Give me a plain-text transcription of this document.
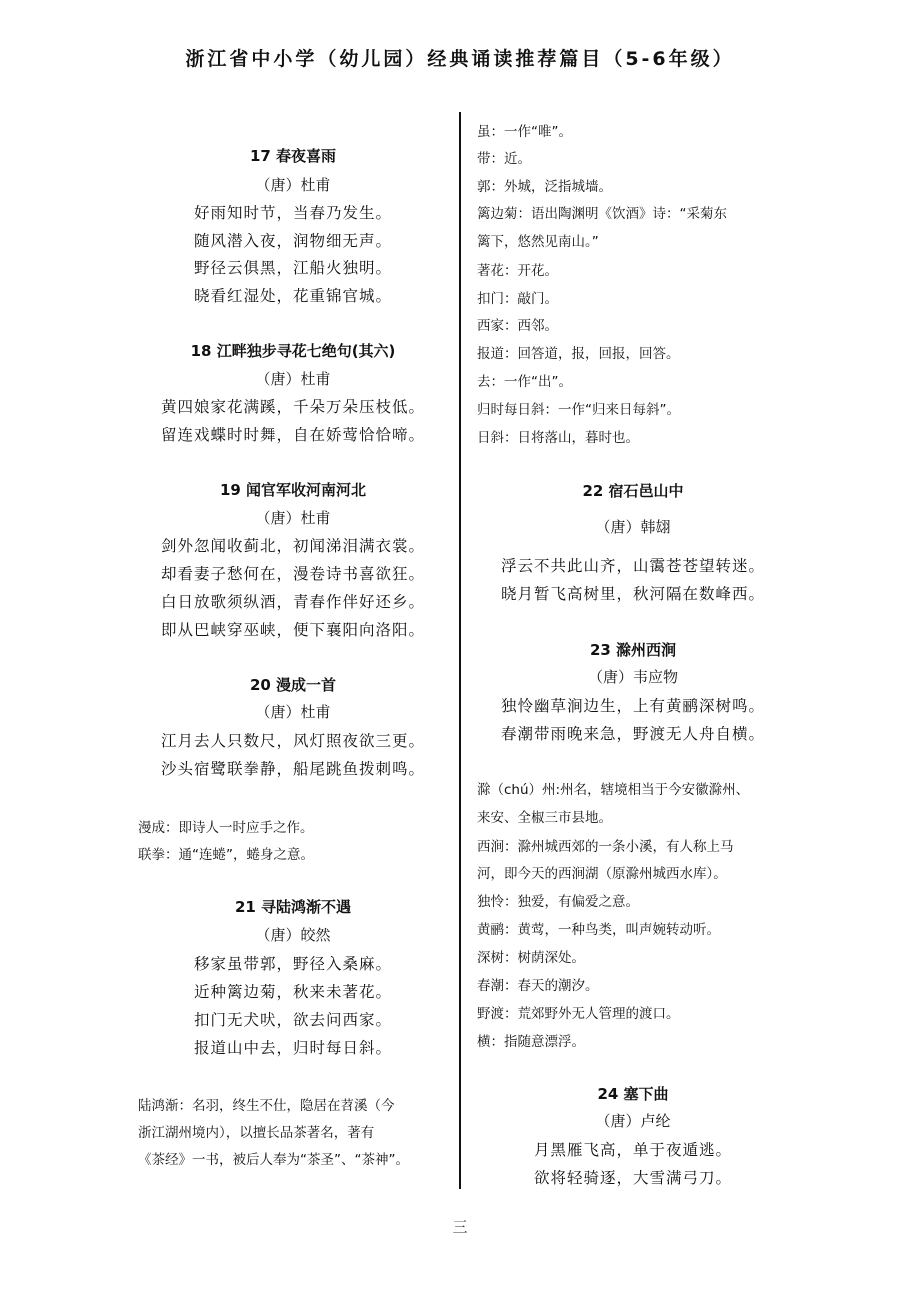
浙江省中小学（幼儿园）经典诵读推荐篇目（5-6年级）
17 春夜喜雨
（唐）杜甫
好雨知时节，当春乃发生。
随风潜入夜，润物细无声。
野径云俱黑，江船火独明。
晓看红湿处，花重锦官城。
18 江畔独步寻花七绝句(其六)
（唐）杜甫
黄四娘家花满蹊，千朵万朵压枝低。
留连戏蝶时时舞，自在娇莺恰恰啼。
19 闻官军收河南河北
（唐）杜甫
剑外忽闻收蓟北，初闻涕泪满衣裳。
却看妻子愁何在，漫卷诗书喜欲狂。
白日放歌须纵酒，青春作伴好还乡。
即从巴峡穿巫峡，便下襄阳向洛阳。
20 漫成一首
（唐）杜甫
江月去人只数尺，风灯照夜欲三更。
沙头宿鹭联拳静，船尾跳鱼拨刺鸣。
漫成：即诗人一时应手之作。
联拳：通“连蜷”，蜷身之意。
21 寻陆鸿渐不遇
（唐）皎然
移家虽带郭，野径入桑麻。
近种篱边菊，秋来未著花。
扣门无犬吠，欲去问西家。
报道山中去，归时每日斜。
陆鸿渐：名羽，终生不仕，隐居在苕溪（今
浙江湖州境内），以擅长品茶著名，著有
《茶经》一书，被后人奉为“茶圣”、“茶神”。
虽：一作“唯”。
带：近。
郭：外城，泛指城墙。
篱边菊：语出陶渊明《饮酒》诗：“采菊东
篱下，悠然见南山。”
著花：开花。
扣门：敲门。
西家：西邻。
报道：回答道，报，回报，回答。
去：一作“出”。
归时每日斜：一作“归来日每斜”。
日斜：日将落山，暮时也。
22 宿石邑山中
（唐）韩翃
浮云不共此山齐，山霭苍苍望转迷。
晓月暂飞高树里，秋河隔在数峰西。
23 滁州西涧
（唐）韦应物
独怜幽草涧边生，上有黄鹂深树鸣。
春潮带雨晚来急，野渡无人舟自横。
滁（chú）州:州名，辖境相当于今安徽滁州、
来安、全椒三市县地。
西涧：滁州城西郊的一条小溪，有人称上马
河，即今天的西涧湖（原滁州城西水库）。
独怜：独爱，有偏爱之意。
黄鹂：黄莺，一种鸟类，叫声婉转动听。
深树：树荫深处。
春潮：春天的潮汐。
野渡：荒郊野外无人管理的渡口。
横：指随意漂浮。
24 塞下曲
（唐）卢纶
月黑雁飞高，单于夜遁逃。
欲将轻骑逐，大雪满弓刀。
三
